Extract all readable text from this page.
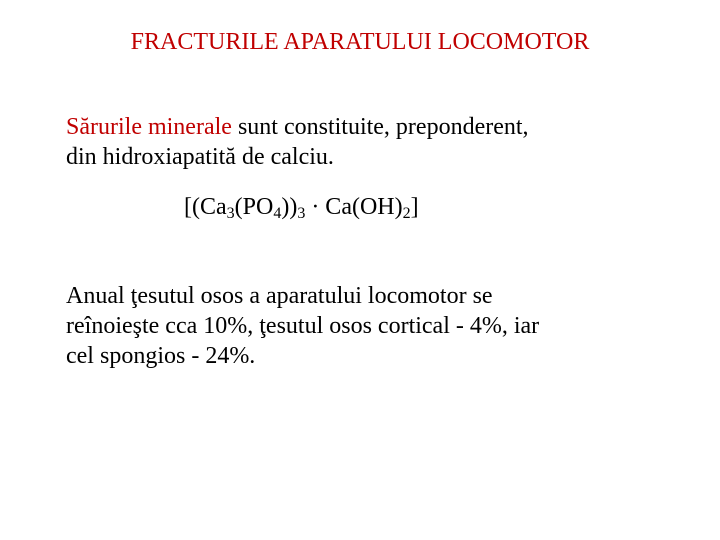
FRACTURILE APARATULUI LOCOMOTOR
Sărurile minerale sunt constituite, preponderent,
din hidroxiapatită de calciu.
$[(Ca_3(PO_4))_3 \cdot Ca(OH)_2]$
Anual ţesutul osos a aparatului locomotor se
reînoieşte cca 10%, ţesutul osos cortical - 4%, iar
cel spongios - 24%.
